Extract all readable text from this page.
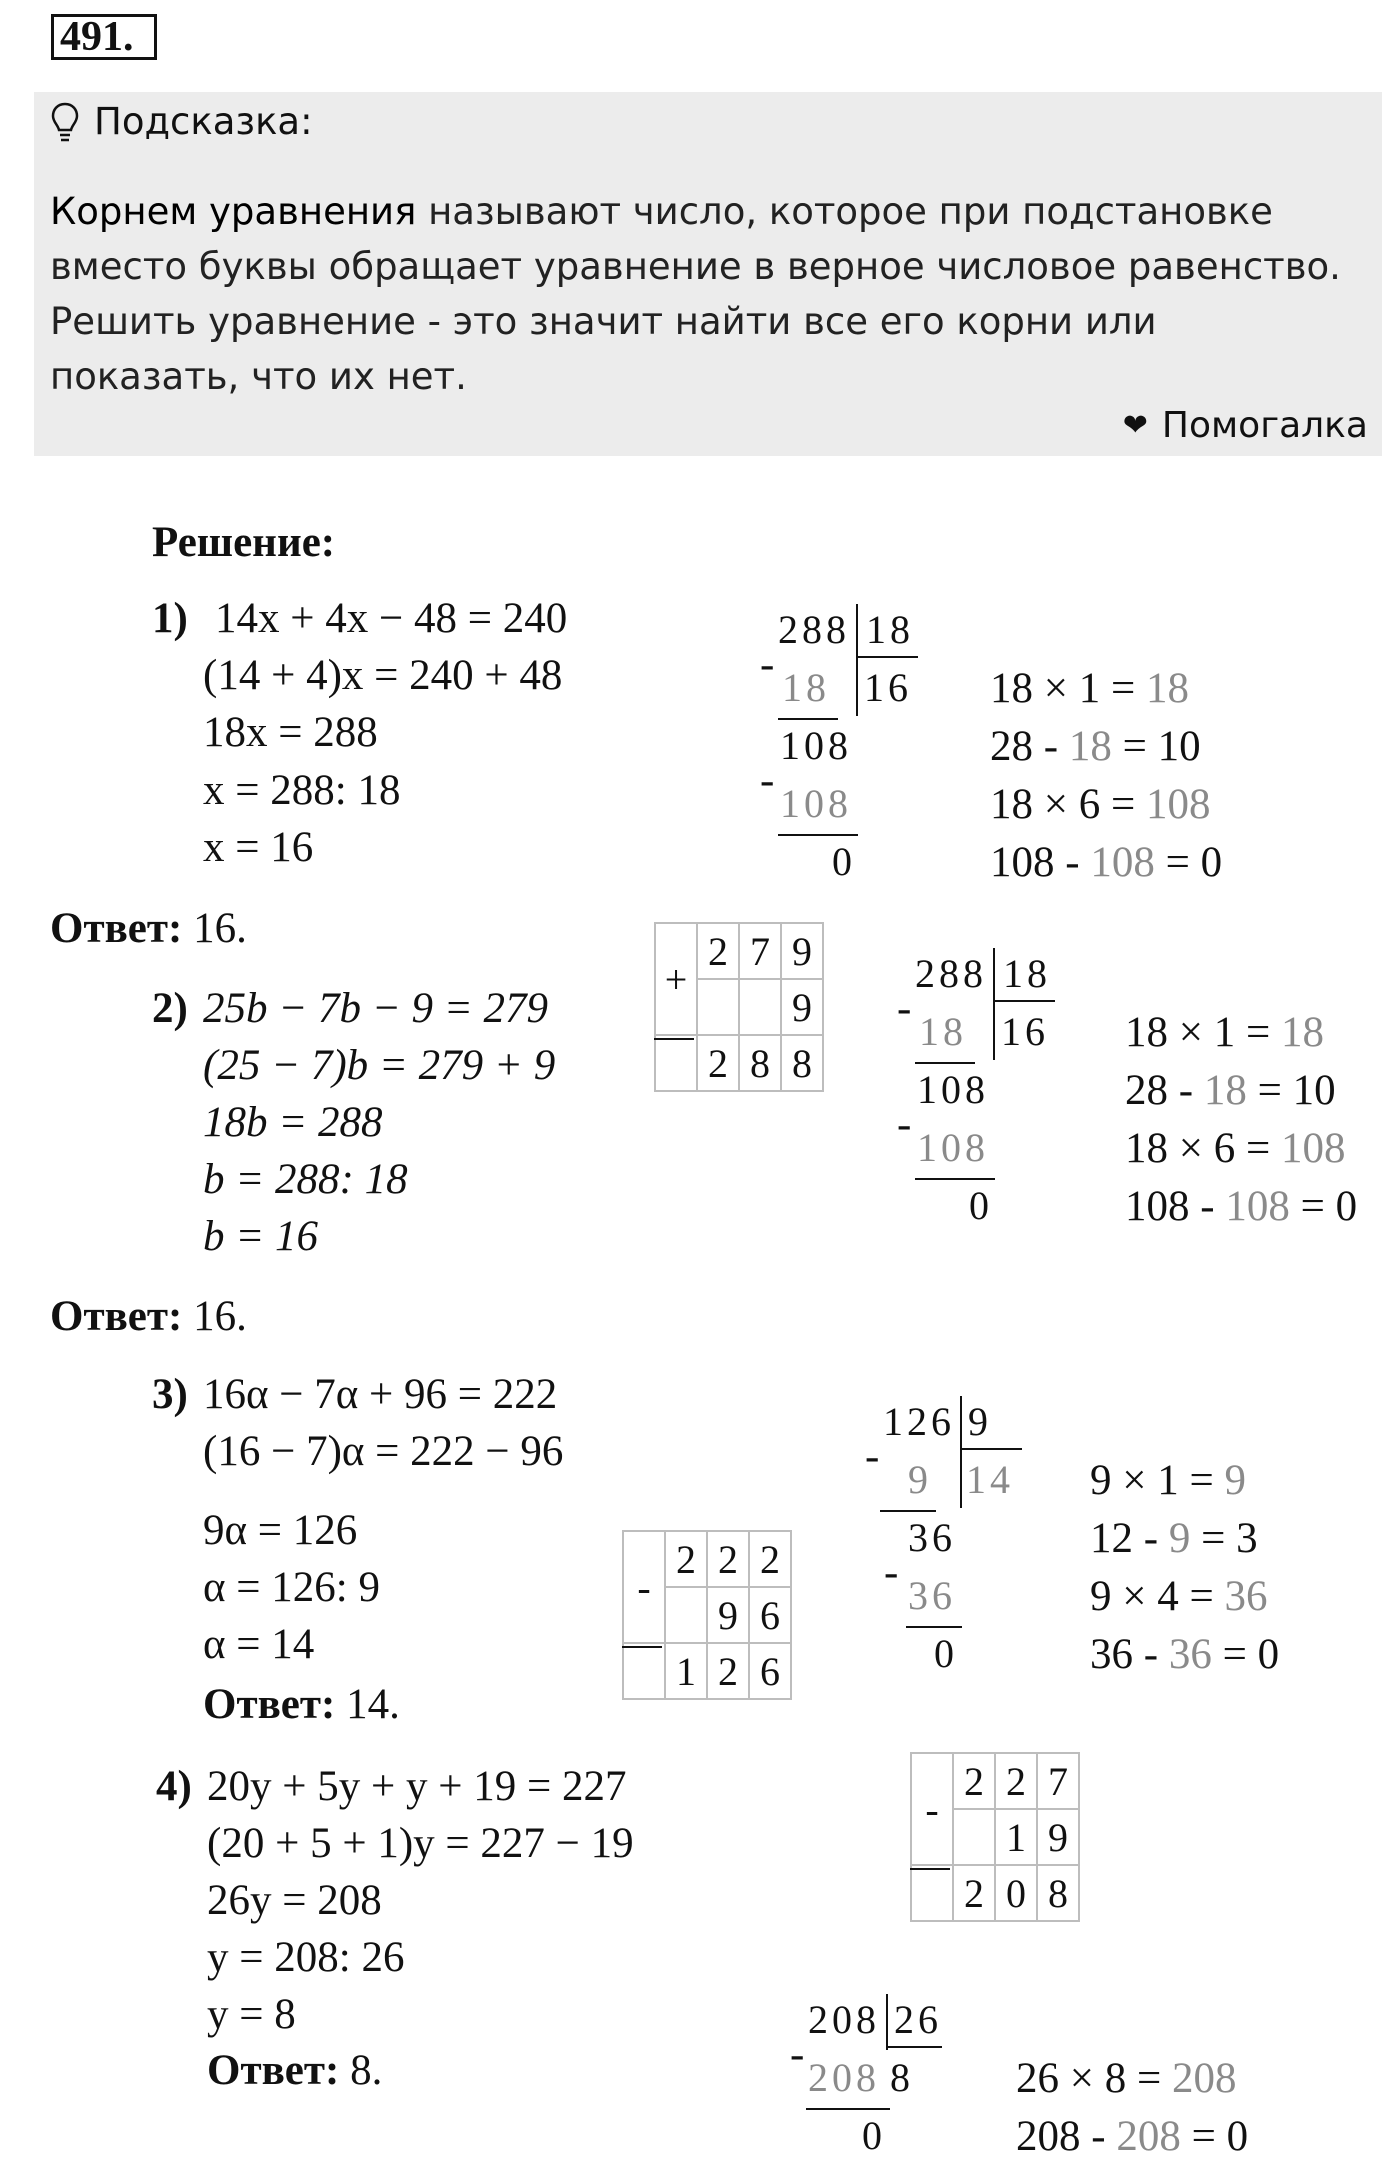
491.
Подсказка:
Корнем уравнения называют число, которое при подстановке вместо буквы обращает уравнение в верное числовое равенство.
Решить уравнение - это значит найти все его корни или показать, что их нет.
❤ Помогалка
Решение:
1) 14x + 4x − 48 = 240
(14 + 4)x = 240 + 48
18x = 288
x = 288: 18
x = 16
Ответ: 16.
288 18
16
- 18
108
- 108
0
18 × 1 = 18
28 - 18 = 10
18 × 6 = 108
108 - 108 = 0
2) 25b − 7b − 9 = 279
(25 − 7)b = 279 + 9
18b = 288
b = 288: 18
b = 16
Ответ: 16.
+	2	7	9
			9
	2	8	8
288 18
16
- 18
108
- 108
0
18 × 1 = 18
28 - 18 = 10
18 × 6 = 108
108 - 108 = 0
3) 16α − 7α + 96 = 222
(16 − 7)α = 222 − 96
9α = 126
α = 126: 9
α = 14
Ответ: 14.
-	2	2	2
		9	6
	1	2	6
126 9
14
- 9
36
- 36
0
9 × 1 = 9
12 - 9 = 3
9 × 4 = 36
36 - 36 = 0
4) 20y + 5y + y + 19 = 227
(20 + 5 + 1)y = 227 − 19
26y = 208
y = 208: 26
y = 8
Ответ: 8.
-	2	2	7
		1	9
	2	0	8
208 26
- 208 8
0
26 × 8 = 208
208 - 208 = 0
